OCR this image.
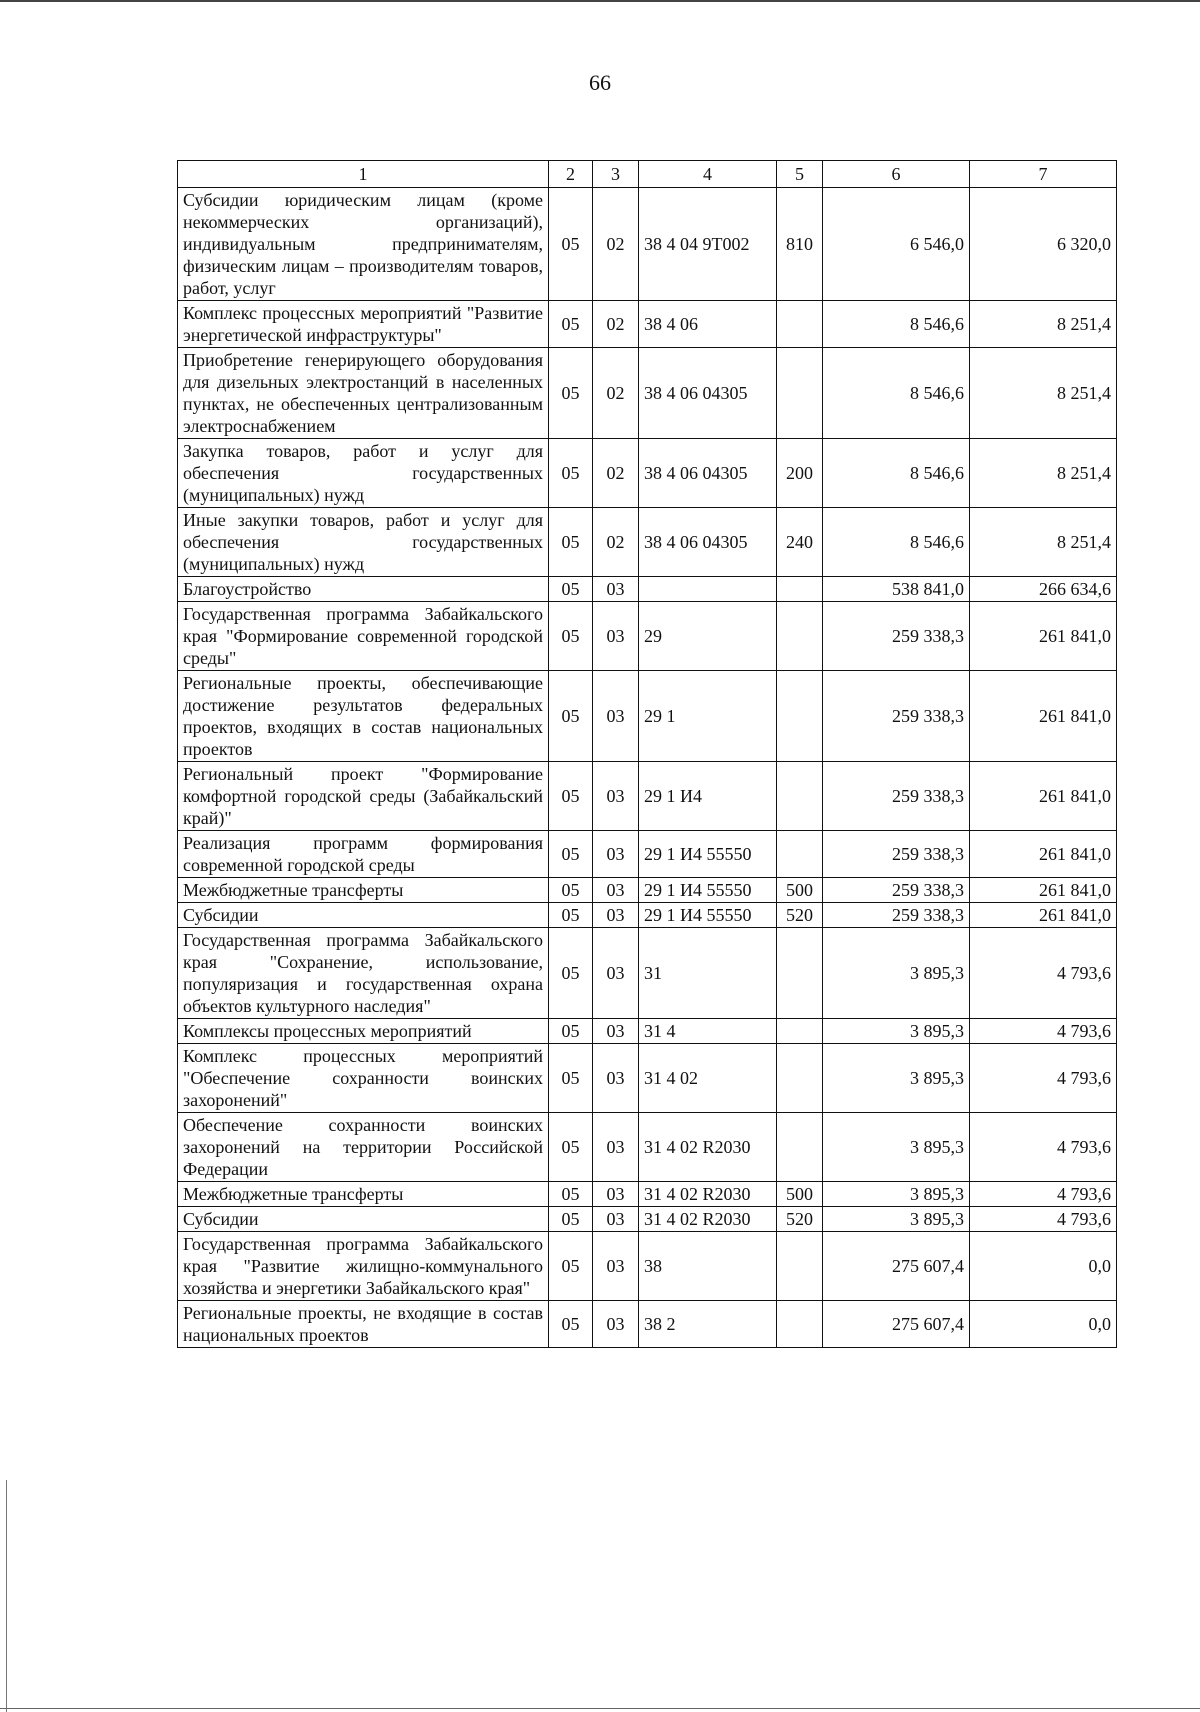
66
1	2	3	4	5	6	7
Субсидии юридическим лицам (кроме некоммерческих организаций), индивидуальным предпринимателям, физическим лицам – производителям товаров, работ, услуг	05	02	38 4 04 9Т002	810	6 546,0	6 320,0
Комплекс процессных мероприятий "Развитие энергетической инфраструктуры"	05	02	38 4 06		8 546,6	8 251,4
Приобретение генерирующего оборудования для дизельных электростанций в населенных пунктах, не обеспеченных централизованным электроснабжением	05	02	38 4 06 04305		8 546,6	8 251,4
Закупка товаров, работ и услуг для обеспечения государственных (муниципальных) нужд	05	02	38 4 06 04305	200	8 546,6	8 251,4
Иные закупки товаров, работ и услуг для обеспечения государственных (муниципальных) нужд	05	02	38 4 06 04305	240	8 546,6	8 251,4
Благоустройство	05	03			538 841,0	266 634,6
Государственная программа Забайкальского края "Формирование современной городской среды"	05	03	29		259 338,3	261 841,0
Региональные проекты, обеспечивающие достижение результатов федеральных проектов, входящих в состав национальных проектов	05	03	29 1		259 338,3	261 841,0
Региональный проект "Формирование комфортной городской среды (Забайкальский край)"	05	03	29 1 И4		259 338,3	261 841,0
Реализация программ формирования современной городской среды	05	03	29 1 И4 55550		259 338,3	261 841,0
Межбюджетные трансферты	05	03	29 1 И4 55550	500	259 338,3	261 841,0
Субсидии	05	03	29 1 И4 55550	520	259 338,3	261 841,0
Государственная программа Забайкальского края "Сохранение, использование, популяризация и государственная охрана объектов культурного наследия"	05	03	31		3 895,3	4 793,6
Комплексы процессных мероприятий	05	03	31 4		3 895,3	4 793,6
Комплекс процессных мероприятий "Обеспечение сохранности воинских захоронений"	05	03	31 4 02		3 895,3	4 793,6
Обеспечение сохранности воинских захоронений на территории Российской Федерации	05	03	31 4 02 R2030		3 895,3	4 793,6
Межбюджетные трансферты	05	03	31 4 02 R2030	500	3 895,3	4 793,6
Субсидии	05	03	31 4 02 R2030	520	3 895,3	4 793,6
Государственная программа Забайкальского края "Развитие жилищно-коммунального хозяйства и энергетики Забайкальского края"	05	03	38		275 607,4	0,0
Региональные проекты, не входящие в состав национальных проектов	05	03	38 2		275 607,4	0,0
